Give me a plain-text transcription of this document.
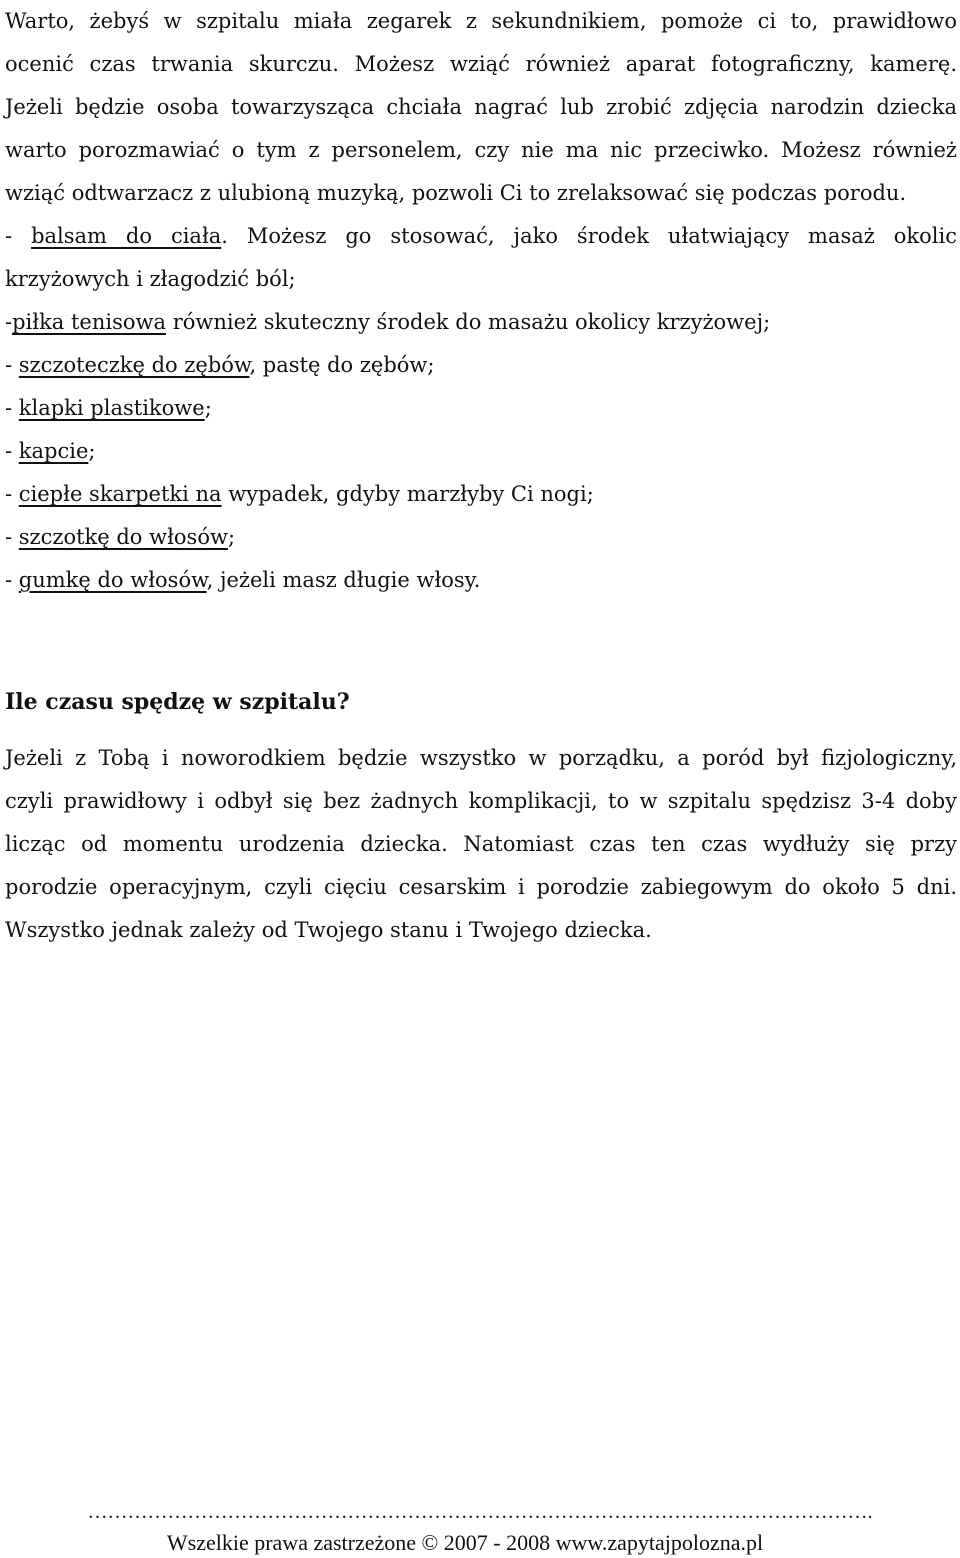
Warto, żebyś w szpitalu miała zegarek z sekundnikiem, pomoże ci to, prawidłowo
ocenić czas trwania skurczu. Możesz wziąć również aparat fotograficzny, kamerę.
Jeżeli będzie osoba towarzysząca chciała nagrać lub zrobić zdjęcia narodzin dziecka
warto porozmawiać o tym z personelem, czy nie ma nic przeciwko. Możesz również
wziąć odtwarzacz z ulubioną muzyką, pozwoli Ci to zrelaksować się podczas porodu.

- balsam do ciała. Możesz go stosować, jako środek ułatwiający masaż okolic
krzyżowych i złagodzić ból;

-piłka tenisowa również skuteczny środek do masażu okolicy krzyżowej;
- szczoteczkę do zębów, pastę do zębów;
- klapki plastikowe;
- kapcie;
- ciepłe skarpetki na wypadek, gdyby marzłyby Ci nogi;
- szczotkę do włosów;
- gumkę do włosów, jeżeli masz długie włosy.
Ile czasu spędzę w szpitalu?

Jeżeli z Tobą i noworodkiem będzie wszystko w porządku, a poród był fizjologiczny,
czyli prawidłowy i odbył się bez żadnych komplikacji, to w szpitalu spędzisz 3-4 doby
licząc od momentu urodzenia dziecka. Natomiast czas ten czas wydłuży się przy
porodzie operacyjnym, czyli cięciu cesarskim i porodzie zabiegowym do około 5 dni.
Wszystko jednak zależy od Twojego stanu i Twojego dziecka.

……………………………………………………………………………………………………….
Wszelkie prawa zastrzeżone © 2007 - 2008 www.zapytajpolozna.pl
